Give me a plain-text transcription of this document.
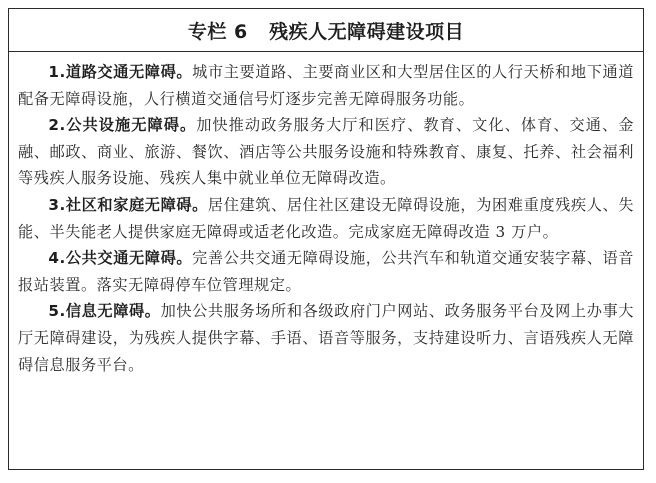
专栏 6   残疾人无障碍建设项目

1.道路交通无障碍。城市主要道路、主要商业区和大型居住区的人行天桥和地下通道配备无障碍设施，人行横道交通信号灯逐步完善无障碍服务功能。

2.公共设施无障碍。加快推动政务服务大厅和医疗、教育、文化、体育、交通、金融、邮政、商业、旅游、餐饮、酒店等公共服务设施和特殊教育、康复、托养、社会福利等残疾人服务设施、残疾人集中就业单位无障碍改造。

3.社区和家庭无障碍。居住建筑、居住社区建设无障碍设施，为困难重度残疾人、失能、半失能老人提供家庭无障碍或适老化改造。完成家庭无障碍改造 3 万户。

4.公共交通无障碍。完善公共交通无障碍设施，公共汽车和轨道交通安装字幕、语音报站装置。落实无障碍停车位管理规定。

5.信息无障碍。加快公共服务场所和各级政府门户网站、政务服务平台及网上办事大厅无障碍建设，为残疾人提供字幕、手语、语音等服务，支持建设听力、言语残疾人无障碍信息服务平台。
